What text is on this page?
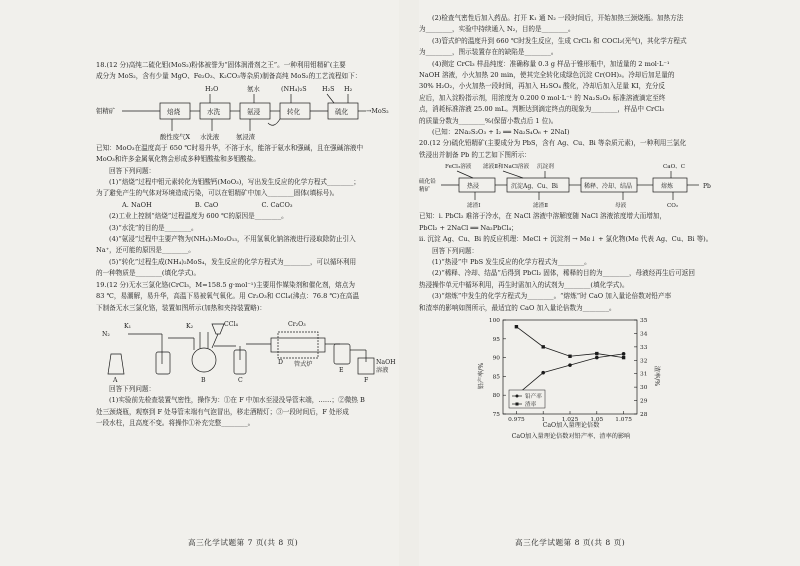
18.(12 分)高纯二硫化钼(MoS₂)粉体被誉为“固体润滑剂之王”。一种利用钼精矿(主要

成分为 MoS₂，含有少量 MgO、Fe₂O₃、K₂CO₃等杂质)制备高纯 MoS₂的工艺流程如下：

H₂O	氨水	(NH₄)₂S H₂S H₂
钼精矿	→MoS₂
酸性废气X 水洗液	氨浸渣
焙烧	水洗	氨浸	转化	硫化

已知：MoO₃在温度高于 650 ℃时易升华，不溶于水，能溶于氨水和强碱，且在强碱溶液中

MoO₃和许多金属氧化物会形成多种钼酸盐和多钼酸盐。

回答下列问题：

(1)“焙烧”过程中钼元素转化为钼酸钙(MoO₃)，写出发生反应的化学方程式________；

为了避免产生的气体对环境造成污染，可以在钼精矿中加入________固体(填标号)。

A. NaOH	B. CaO	C. CaCO₃

(2)工业上控制“焙烧”过程温度为 600 ℃的原因是________。

(3)“水洗”的目的是________。

(4)“氨浸”过程中主要产物为(NH₄)₂Mo₃O₁₃，不用氢氧化钠溶液进行浸取除防止引入

Na⁺，还可能的原因是________。

(5)“转化”过程生成(NH₄)₂MoS₄，发生反应的化学方程式为________，可以循环利用

的一种物质是________(填化学式)。

19.(12 分)无水三氯化铬(CrCl₃，M=158.5 g·mol⁻¹)主要用作媒染剂和催化剂，熔点为

83 ℃，易潮解，易升华，高温下易被氧气氧化。用 Cr₂O₃和 CCl₄(沸点：76.8 ℃)在高温

下制备无水三氯化铬，装置如图所示(加热和夹持装置略)：

N₂
K₁	K₂	CCl₄	Cr₂O₃
管式炉	NaOH
溶液
A	B	C
D
E
F

回答下列问题：

(1)实验前先检查装置气密性，操作为：①在 F 中加水至浸没导管末端，……；②微热 B

处三颈烧瓶，观察到 F 处导管末端有气泡冒出，移走酒精灯；③一段时间后，F 处形成

一段水柱，且高度不变。将操作①补充完整________。

(2)检查气密性后加入药品。打开 K₁ 通 N₂ 一段时间后，开始加热三颈烧瓶。加热方法

为________，实验中持续通入 N₂，目的是________。

(3)管式炉的温度升到 660 ℃时发生反应，生成 CrCl₃ 和 COCl₂(光气)，其化学方程式

为________，图示装置存在的缺陷是________。

(4)测定 CrCl₃ 样品纯度：准确称量 0.3 g 样品于锥形瓶中，加适量的 2 mol·L⁻¹

NaOH 溶液，小火加热 20 min，使其完全转化成绿色沉淀 Cr(OH)₃。冷却后加足量的

30% H₂O₂，小火加热一段时间，再加入 H₂SO₄ 酸化，冷却后加入足量 KI，充分反

应后，加入淀粉指示剂，用浓度为 0.200 0 mol·L⁻¹ 的 Na₂S₂O₃ 标准溶液滴定至终

点，消耗标准溶液 25.00 mL。判断达到滴定终点的现象为________，样品中 CrCl₃

的质量分数为________%(保留小数点后 1 位)。

(已知：2Na₂S₂O₃ + I₂ ══ Na₂S₄O₆ + 2NaI)

20.(12 分)硫化铅精矿(主要成分为 PbS，含有 Ag、Cu、Bi 等杂质元素)，一种利用三氯化

铁浸出并制备 Pb 的工艺如下图所示：

硫化铅
精矿
FeCl₃溶液 滤液Ⅱ和NaCl溶液 沉淀剂	CaO、C
滤渣Ⅰ	滤渣Ⅱ	母液	CO₂
热浸	沉淀Ag、Cu、Bi	稀释、冷却、结晶	熔炼	Pb

已知：i. PbCl₂ 难溶于冷水，在 NaCl 溶液中溶解度随 NaCl 溶液浓度增大而增加，

PbCl₂ + 2NaCl ══ Na₂PbCl₄；

ii. 沉淀 Ag、Cu、Bi 的反应机理：MeCl + 沉淀剂 → Me↓ + 氯化物(Me 代表 Ag、Cu、Bi 等)。

回答下列问题：

(1)“热浸”中 PbS 发生反应的化学方程式为________。

(2)“稀释、冷却、结晶”后得到 PbCl₂ 固体，稀释的目的为________，母液经再生后可返回

热浸操作单元中循环利用，再生时需加入的试剂为________(填化学式)。

(3)“熔炼”中发生的化学方程式为________。“熔炼”时 CaO 加入量论倍数对铅产率

和渣率的影响如图所示，最适宜的 CaO 加入量论倍数为________。

0.975	1	1.025 1.05 1.075
75
80
85
90
95
100
28
29
30
31
32
33
34
35
铅产率/%	渣率/%
CaO加入量理论倍数
CaO加入量理论倍数对铅产率、渣率的影响
铅产率
渣率
高三化学试题第 7 页(共 8 页)	高三化学试题第 8 页(共 8 页)
